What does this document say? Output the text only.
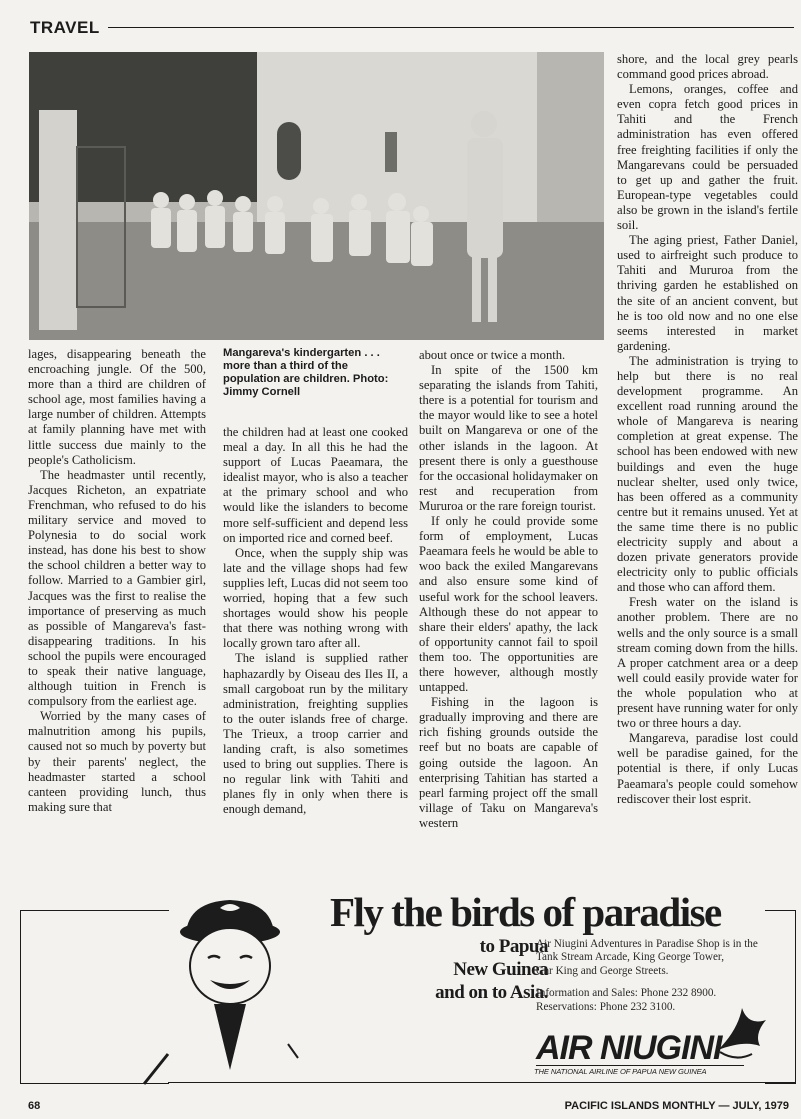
TRAVEL

lages, disappearing beneath the encroaching jungle. Of the 500, more than a third are children of school age, most families having a large number of children. Attempts at family planning have met with little success due mainly to the people's Catholicism.

The headmaster until recently, Jacques Richeton, an expatriate Frenchman, who refused to do his military service and moved to Polynesia to do social work instead, has done his best to show the school children a better way to follow. Married to a Gambier girl, Jacques was the first to realise the importance of preserving as much as possible of Mangareva's fast-disappearing traditions. In his school the pupils were encouraged to speak their native language, although tuition in French is compulsory from the earliest age.

Worried by the many cases of malnutrition among his pupils, caused not so much by poverty but by their parents' neglect, the headmaster started a school canteen providing lunch, thus making sure that

Mangareva's kindergarten . . . more than a third of the population are children. Photo: Jimmy Cornell

the children had at least one cooked meal a day. In all this he had the support of Lucas Paeamara, the idealist mayor, who is also a teacher at the primary school and who would like the islanders to become more self-sufficient and depend less on imported rice and corned beef.

Once, when the supply ship was late and the village shops had few supplies left, Lucas did not seem too worried, hoping that a few such shortages would show his people that there was nothing wrong with locally grown taro after all.

The island is supplied rather haphazardly by Oiseau des Iles II, a small cargoboat run by the military administration, freighting supplies to the outer islands free of charge. The Trieux, a troop carrier and landing craft, is also sometimes used to bring out supplies. There is no regular link with Tahiti and planes fly in only when there is enough demand,

about once or twice a month.

In spite of the 1500 km separating the islands from Tahiti, there is a potential for tourism and the mayor would like to see a hotel built on Mangareva or one of the other islands in the lagoon. At present there is only a guesthouse for the occasional holidaymaker on rest and recuperation from Mururoa or the rare foreign tourist.

If only he could provide some form of employment, Lucas Paeamara feels he would be able to woo back the exiled Mangarevans and also ensure some kind of useful work for the school leavers. Although these do not appear to share their elders' apathy, the lack of opportunity cannot fail to spoil them too. The opportunities are there however, although mostly untapped.

Fishing in the lagoon is gradually improving and there are rich fishing grounds outside the reef but no boats are capable of going outside the lagoon. An enterprising Tahitian has started a pearl farming project off the small village of Taku on Mangareva's western

shore, and the local grey pearls command good prices abroad.

Lemons, oranges, coffee and even copra fetch good prices in Tahiti and the French administration has even offered free freighting facilities if only the Mangarevans could be persuaded to get up and gather the fruit. European-type vegetables could also be grown in the island's fertile soil.

The aging priest, Father Daniel, used to airfreight such produce to Tahiti and Mururoa from the thriving garden he established on the site of an ancient convent, but he is too old now and no one else seems interested in market gardening.

The administration is trying to help but there is no real development programme. An excellent road running around the whole of Mangareva is nearing completion at great expense. The school has been endowed with new buildings and even the huge nuclear shelter, used only twice, has been offered as a community centre but it remains unused. Yet at the same time there is no public electricity supply and about a dozen private generators provide electricity only to public officials and those who can afford them.

Fresh water on the island is another problem. There are no wells and the only source is a small stream coming down from the hills. A proper catchment area or a deep well could easily provide water for the whole population who at present have running water for only two or three hours a day.

Mangareva, paradise lost could well be paradise gained, for the potential is there, if only Lucas Paeamara's people could somehow rediscover their lost esprit.

Fly the birds of paradise
to Papua
New Guinea
and on to Asia.
Air Niugini Adventures in Paradise Shop is in the
Tank Stream Arcade, King George Tower,
Cnr King and George Streets.
Information and Sales: Phone 232 8900.
Reservations: Phone 232 3100.
AIR NIUGINI
THE NATIONAL AIRLINE OF PAPUA NEW GUINEA
68	PACIFIC ISLANDS MONTHLY — JULY, 1979
